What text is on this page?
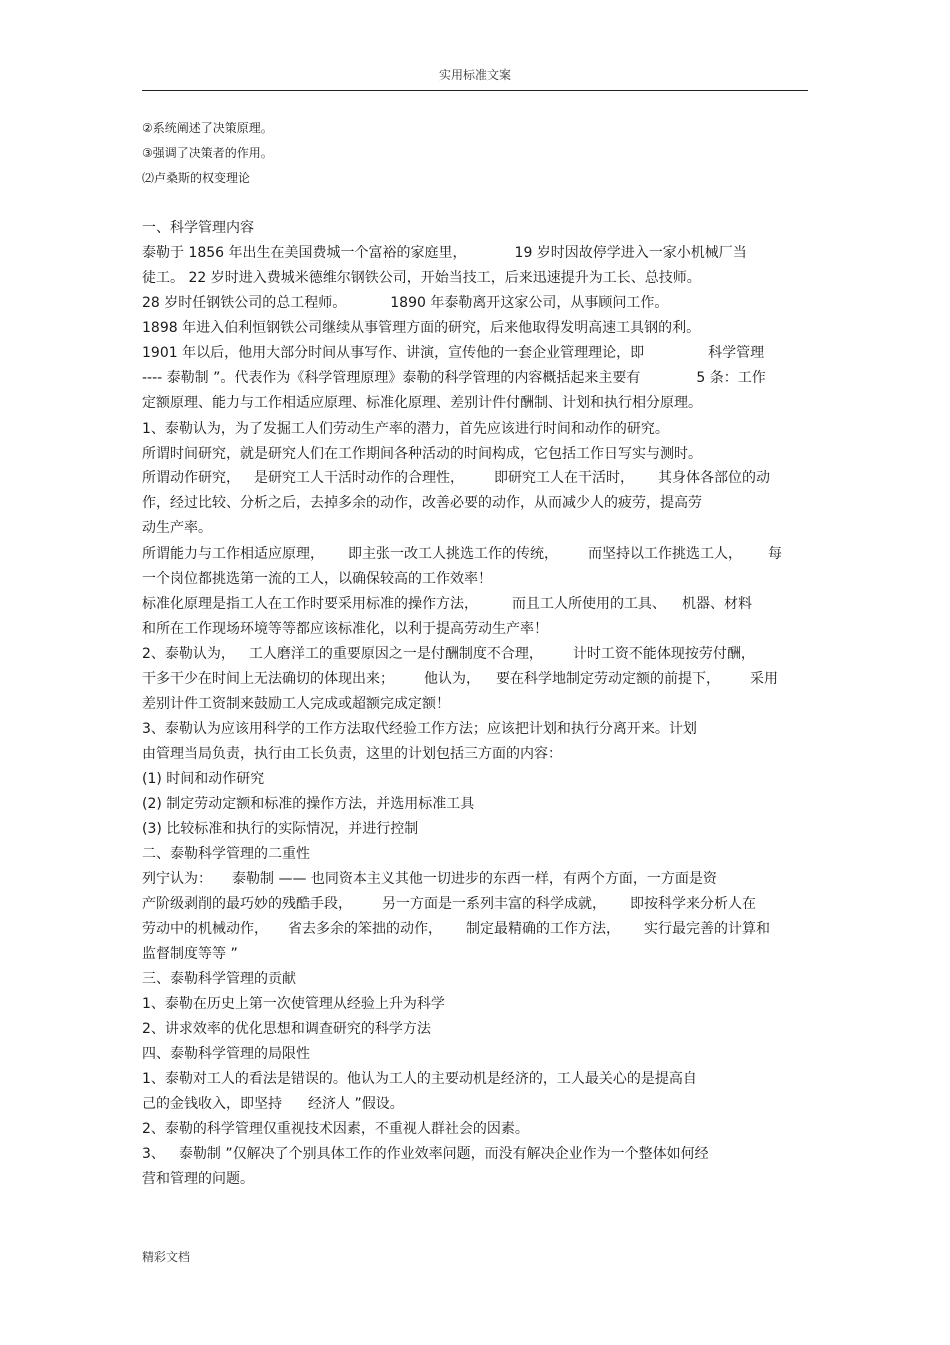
实用标准文案
②系统阐述了决策原理。
③强调了决策者的作用。
⑵卢桑斯的权变理论
一、科学管理内容
泰勒于 1856 年出生在美国费城一个富裕的家庭里，	19 岁时因故停学进入一家小机械厂当
徒工。 22 岁时进入费城米德维尔钢铁公司，开始当技工，后来迅速提升为工长、总技师。
28 岁时任钢铁公司的总工程师。	1890 年泰勒离开这家公司，从事顾问工作。
1898 年进入伯利恒钢铁公司继续从事管理方面的研究，后来他取得发明高速工具钢的利。
1901 年以后，他用大部分时间从事写作、讲演，宣传他的一套企业管理理论，即	科学管理
---- 泰勒制 ”。代表作为《科学管理原理》泰勒的科学管理的内容概括起来主要有	5 条：工作
定额原理、能力与工作相适应原理、标准化原理、差别计件付酬制、计划和执行相分原理。
1、泰勒认为，为了发掘工人们劳动生产率的潜力，首先应该进行时间和动作的研究。
所谓时间研究，就是研究人们在工作期间各种活动的时间构成，它包括工作日写实与测时。
所谓动作研究， 是研究工人干活时动作的合理性， 即研究工人在干活时， 其身体各部位的动
作，经过比较、分析之后，去掉多余的动作，改善必要的动作，从而减少人的疲劳，提高劳
动生产率。
所谓能力与工作相适应原理， 即主张一改工人挑选工作的传统， 而坚持以工作挑选工人， 每
一个岗位都挑选第一流的工人，以确保较高的工作效率！
标准化原理是指工人在工作时要采用标准的操作方法， 而且工人所使用的工具、 机器、材料
和所在工作现场环境等等都应该标准化，以利于提高劳动生产率！
2、泰勒认为， 工人磨洋工的重要原因之一是付酬制度不合理， 计时工资不能体现按劳付酬，
干多干少在时间上无法确切的体现出来； 他认为， 要在科学地制定劳动定额的前提下， 采用
差别计件工资制来鼓励工人完成或超额完成定额！
3、泰勒认为应该用科学的工作方法取代经验工作方法；应该把计划和执行分离开来。计划
由管理当局负责，执行由工长负责，这里的计划包括三方面的内容：
(1) 时间和动作研究
(2) 制定劳动定额和标准的操作方法，并选用标准工具
(3) 比较标准和执行的实际情况，并进行控制
二、泰勒科学管理的二重性
列宁认为： 泰勒制 —— 也同资本主义其他一切进步的东西一样，有两个方面，一方面是资
产阶级剥削的最巧妙的残酷手段， 另一方面是一系列丰富的科学成就， 即按科学来分析人在
劳动中的机械动作， 省去多余的笨拙的动作， 制定最精确的工作方法， 实行最完善的计算和
监督制度等等 ”
三、泰勒科学管理的贡献
1、泰勒在历史上第一次使管理从经验上升为科学
2、讲求效率的优化思想和调查研究的科学方法
四、泰勒科学管理的局限性
1、泰勒对工人的看法是错误的。他认为工人的主要动机是经济的，工人最关心的是提高自
己的金钱收入，即坚持 经济人 ”假设。
2、泰勒的科学管理仅重视技术因素，不重视人群社会的因素。
3、 泰勒制 ”仅解决了个别具体工作的作业效率问题，而没有解决企业作为一个整体如何经
营和管理的问题。
精彩文档
